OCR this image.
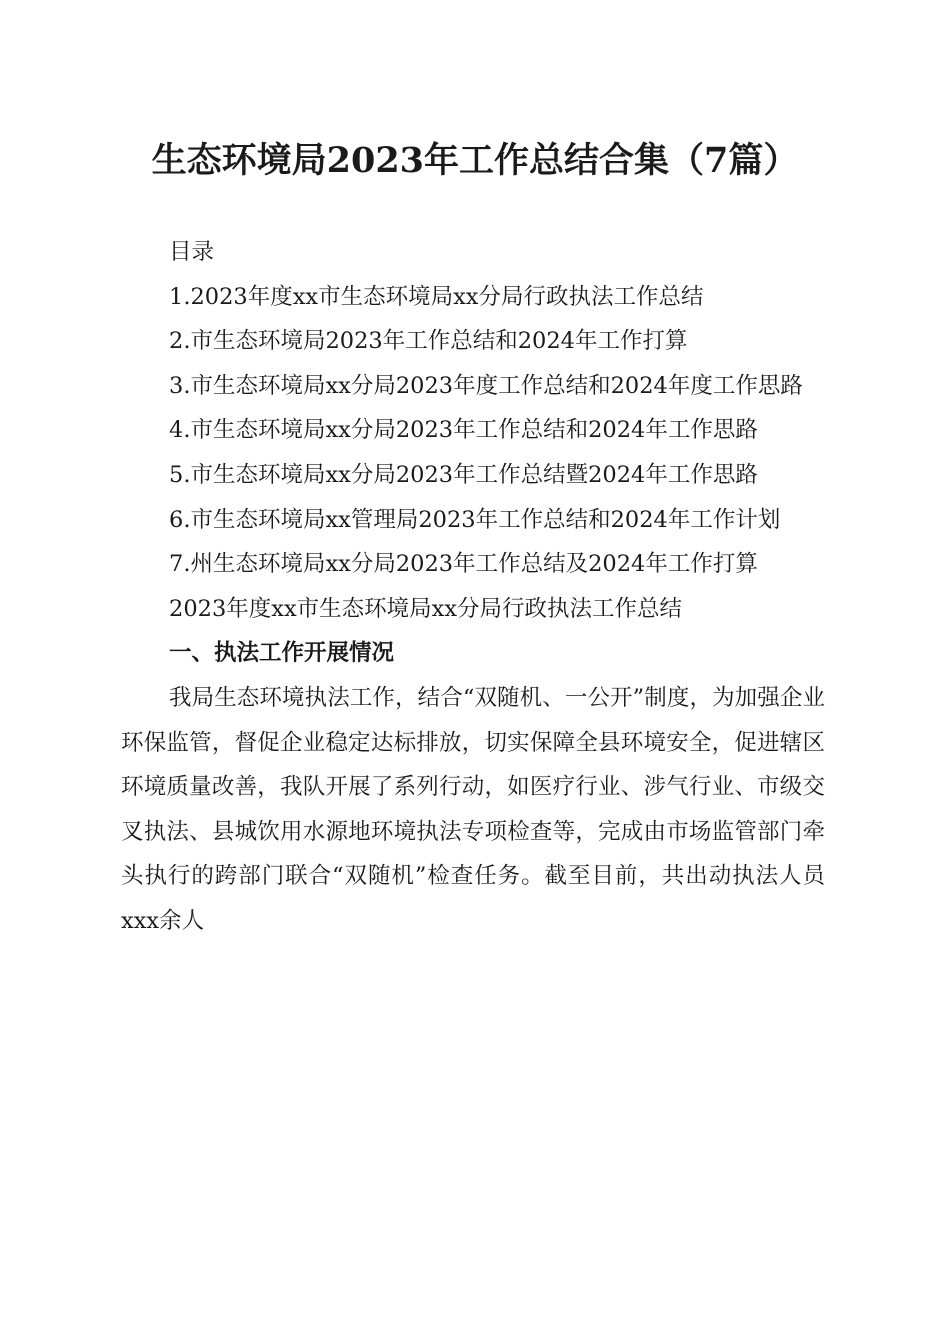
生态环境局2023年工作总结合集（7篇）

目录

1.2023年度xx市生态环境局xx分局行政执法工作总结

2.市生态环境局2023年工作总结和2024年工作打算

3.市生态环境局xx分局2023年度工作总结和2024年度工作思路

4.市生态环境局xx分局2023年工作总结和2024年工作思路

5.市生态环境局xx分局2023年工作总结暨2024年工作思路

6.市生态环境局xx管理局2023年工作总结和2024年工作计划

7.州生态环境局xx分局2023年工作总结及2024年工作打算

2023年度xx市生态环境局xx分局行政执法工作总结

一、执法工作开展情况

我局生态环境执法工作，结合“双随机、一公开”制度，为加强企业环保监管，督促企业稳定达标排放，切实保障全县环境安全，促进辖区环境质量改善，我队开展了系列行动，如医疗行业、涉气行业、市级交叉执法、县城饮用水源地环境执法专项检查等，完成由市场监管部门牵头执行的跨部门联合“双随机”检查任务。截至目前，共出动执法人员xxx余人
